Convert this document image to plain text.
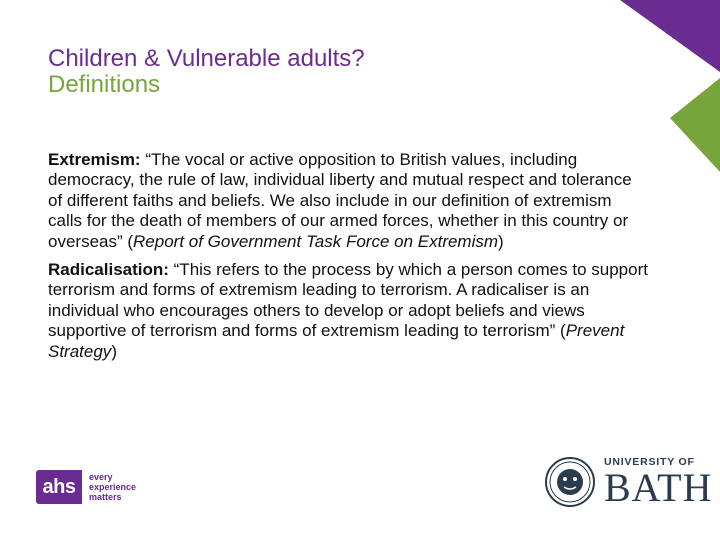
Children & Vulnerable adults?
Definitions

Extremism: “The vocal or active opposition to British values, including democracy, the rule of law, individual liberty and mutual respect and tolerance of different faiths and beliefs. We also include in our definition of extremism calls for the death of members of our armed forces, whether in this country or overseas” (Report of Government Task Force on Extremism)

Radicalisation: “This refers to the process by which a person comes to support terrorism and forms of extremism leading to terrorism. A radicaliser is an individual who encourages others to develop or adopt beliefs and views supportive of terrorism and forms of extremism leading to terrorism” (Prevent Strategy)

ahs	every
experience
matters
UNIVERSITY OF
BATH
